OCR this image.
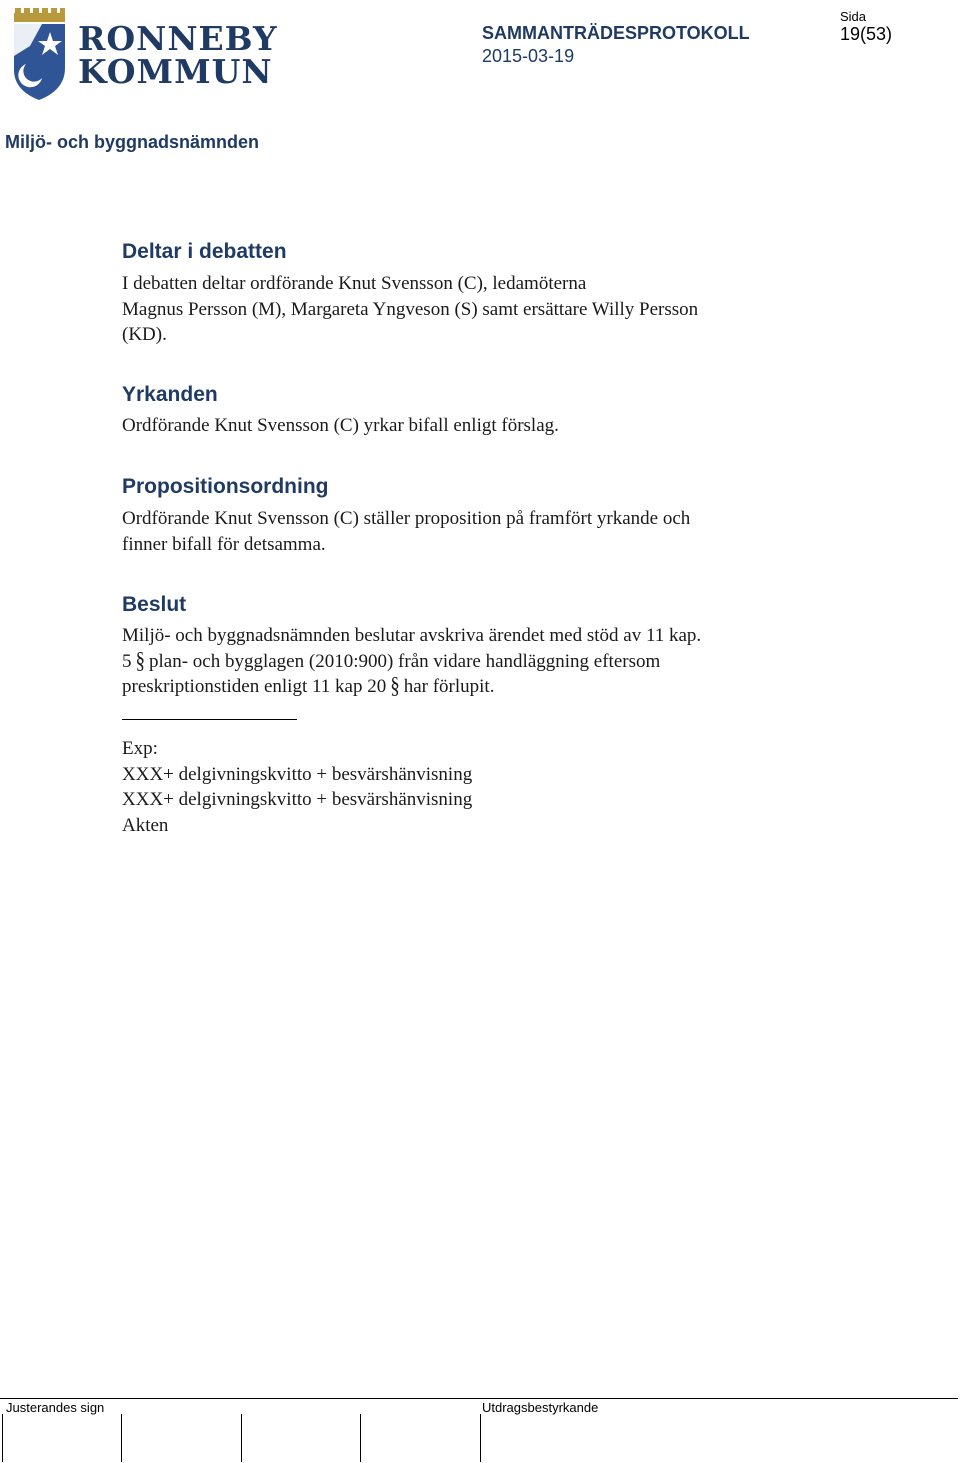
RONNEBY
KOMMUN
SAMMANTRÄDESPROTOKOLL
2015-03-19
Sida
19(53)
Miljö- och byggnadsnämnden
Deltar i debatten
I debatten deltar ordförande Knut Svensson (C), ledamöterna
Magnus Persson (M), Margareta Yngveson (S) samt ersättare Willy Persson
(KD).
Yrkanden
Ordförande Knut Svensson (C) yrkar bifall enligt förslag.
Propositionsordning
Ordförande Knut Svensson (C) ställer proposition på framfört yrkande och
finner bifall för detsamma.
Beslut
Miljö- och byggnadsnämnden beslutar avskriva ärendet med stöd av 11 kap.
5 § plan- och bygglagen (2010:900) från vidare handläggning eftersom
preskriptionstiden enligt 11 kap 20 § har förlupit.
Exp:
XXX+ delgivningskvitto + besvärshänvisning
XXX+ delgivningskvitto + besvärshänvisning
Akten
Justerandes sign	Utdragsbestyrkande
